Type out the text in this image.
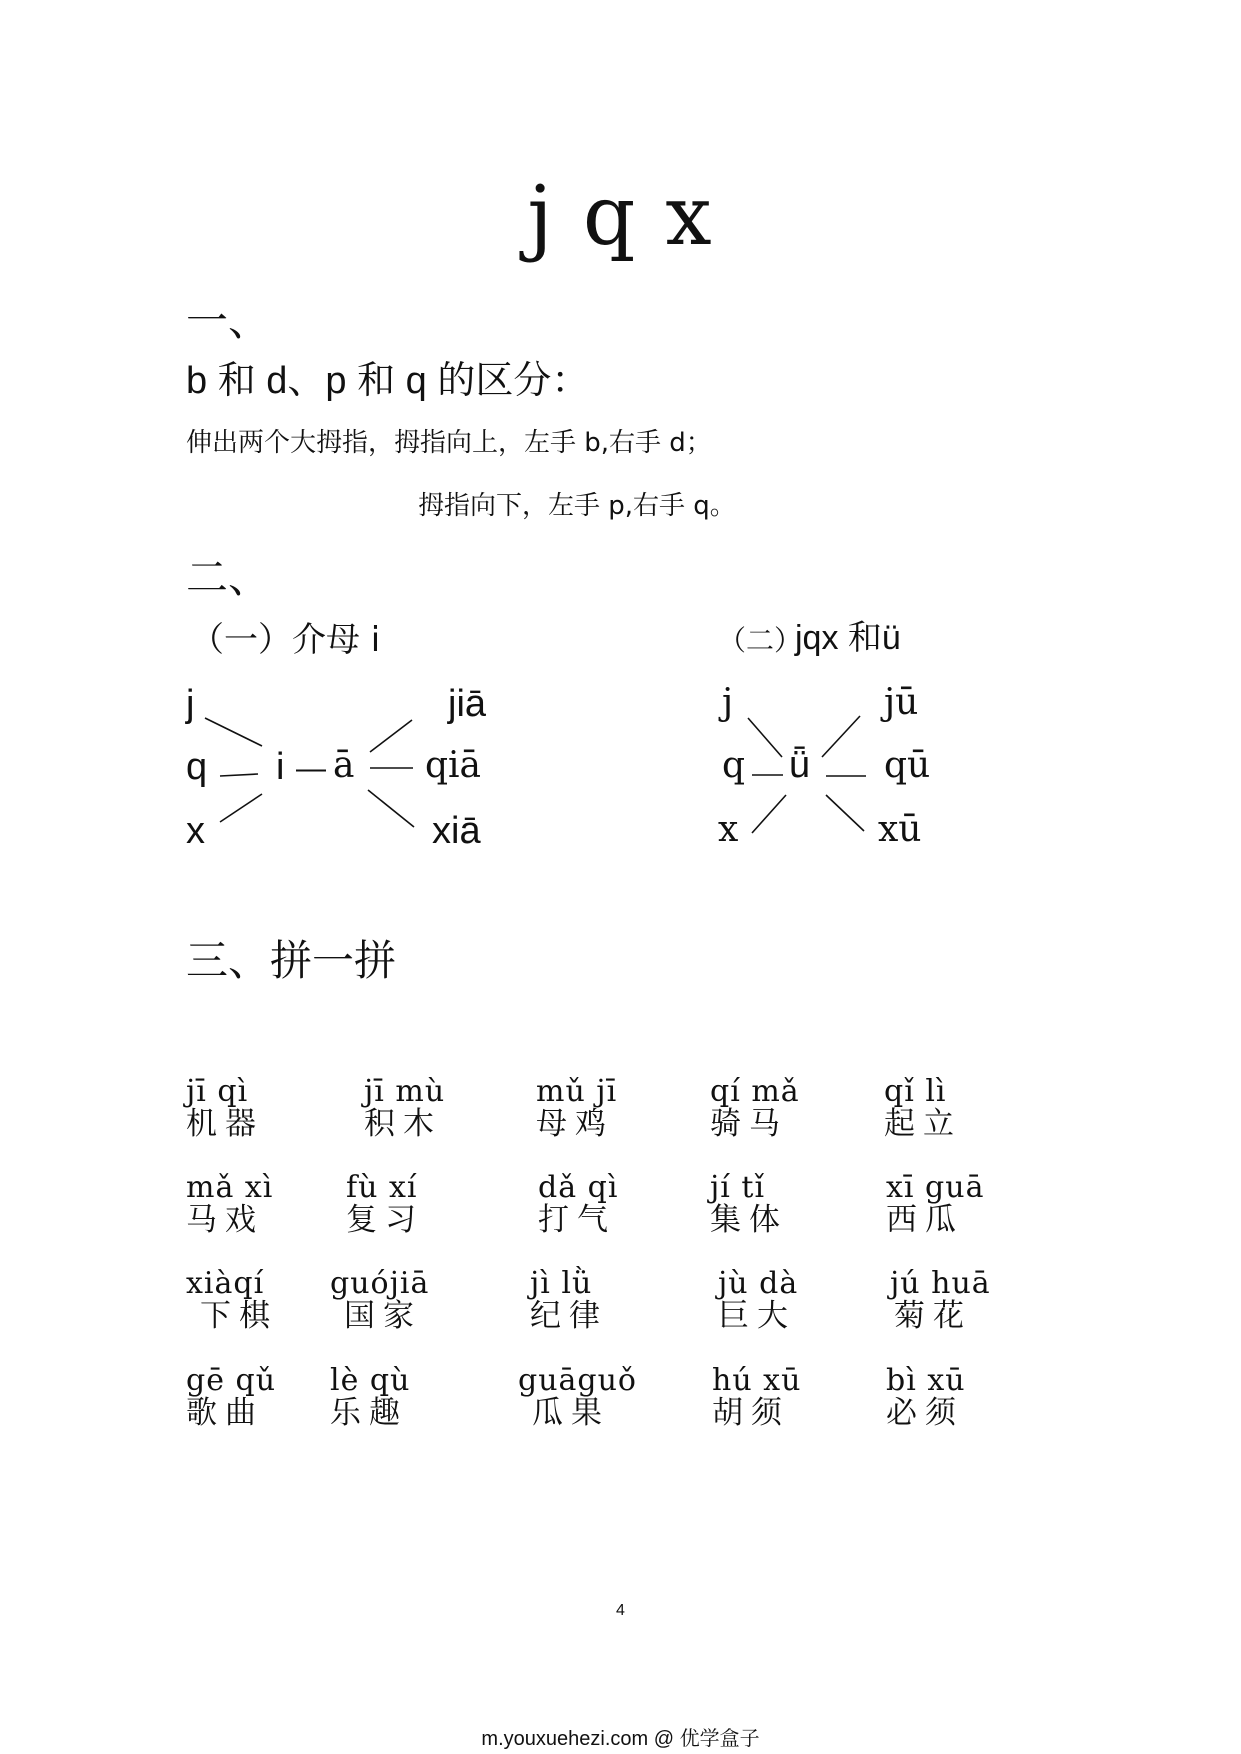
j q x
一、
b 和 d、p 和 q 的区分：
伸出两个大拇指，拇指向上，左手 b,右手 d；
拇指向下，左手 p,右手 q。
二、
（一）介母 i
j
q
x
i — ā
jiā
qiā
xiā
（二）
jqx 和ü
j
q
x
ǖ
jū
qū
xū
三、拼一拼
jī qì
机器
jī mù
积木
mǔ jī
母鸡
qí mǎ
骑马
qǐ lì
起立
mǎ xì
马戏
fù xí
复习
dǎ qì
打气
jí tǐ
集体
xī guā
西瓜
xiàqí
下棋
guójiā
国家
jì lǜ
纪律
jù dà
巨大
jú huā
菊花
gē qǔ
歌曲
lè qù
乐趣
guāguǒ
瓜果
hú xū
胡须
bì xū
必须
4
m.youxuehezi.com @ 优学盒子
